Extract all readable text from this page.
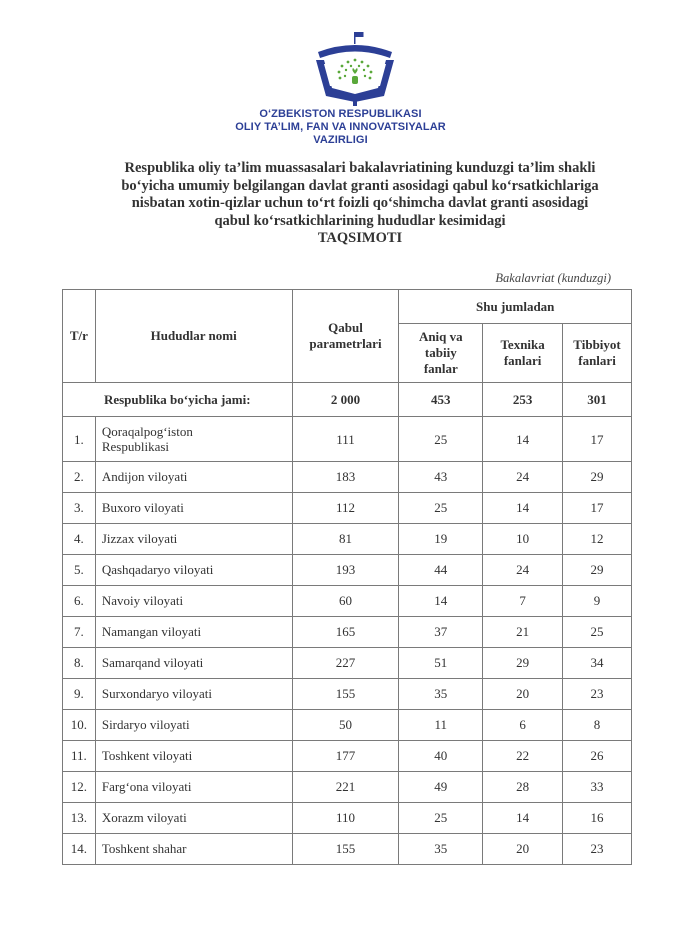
O‘ZBEKISTON RESPUBLIKASI
OLIY TA’LIM, FAN VA INNOVATSIYALAR
VAZIRLIGI
Respublika oliy ta’lim muassasalari bakalavriatining kunduzgi ta’lim shakli
bo‘yicha umumiy belgilangan davlat granti asosidagi qabul ko‘rsatkichlariga
nisbatan xotin-qizlar uchun to‘rt foizli qo‘shimcha davlat granti asosidagi
qabul ko‘rsatkichlarining hududlar kesimidagi
TAQSIMOTI
Bakalavriat (kunduzgi)
T/r	Hududlar nomi	Qabul parametrlari	Shu jumladan		
			Aniq va tabiiy fanlar	Texnika fanlari	Tibbiyot fanlari
Respublika bo‘yicha jami:		2 000	453	253	301
1.	Qoraqalpog‘iston Respublikasi	111	25	14	17
2.	Andijon viloyati	183	43	24	29
3.	Buxoro viloyati	112	25	14	17
4.	Jizzax viloyati	81	19	10	12
5.	Qashqadaryo viloyati	193	44	24	29
6.	Navoiy viloyati	60	14	7	9
7.	Namangan viloyati	165	37	21	25
8.	Samarqand viloyati	227	51	29	34
9.	Surxondaryo viloyati	155	35	20	23
10.	Sirdaryo viloyati	50	11	6	8
11.	Toshkent viloyati	177	40	22	26
12.	Farg‘ona viloyati	221	49	28	33
13.	Xorazm viloyati	110	25	14	16
14.	Toshkent shahar	155	35	20	23
